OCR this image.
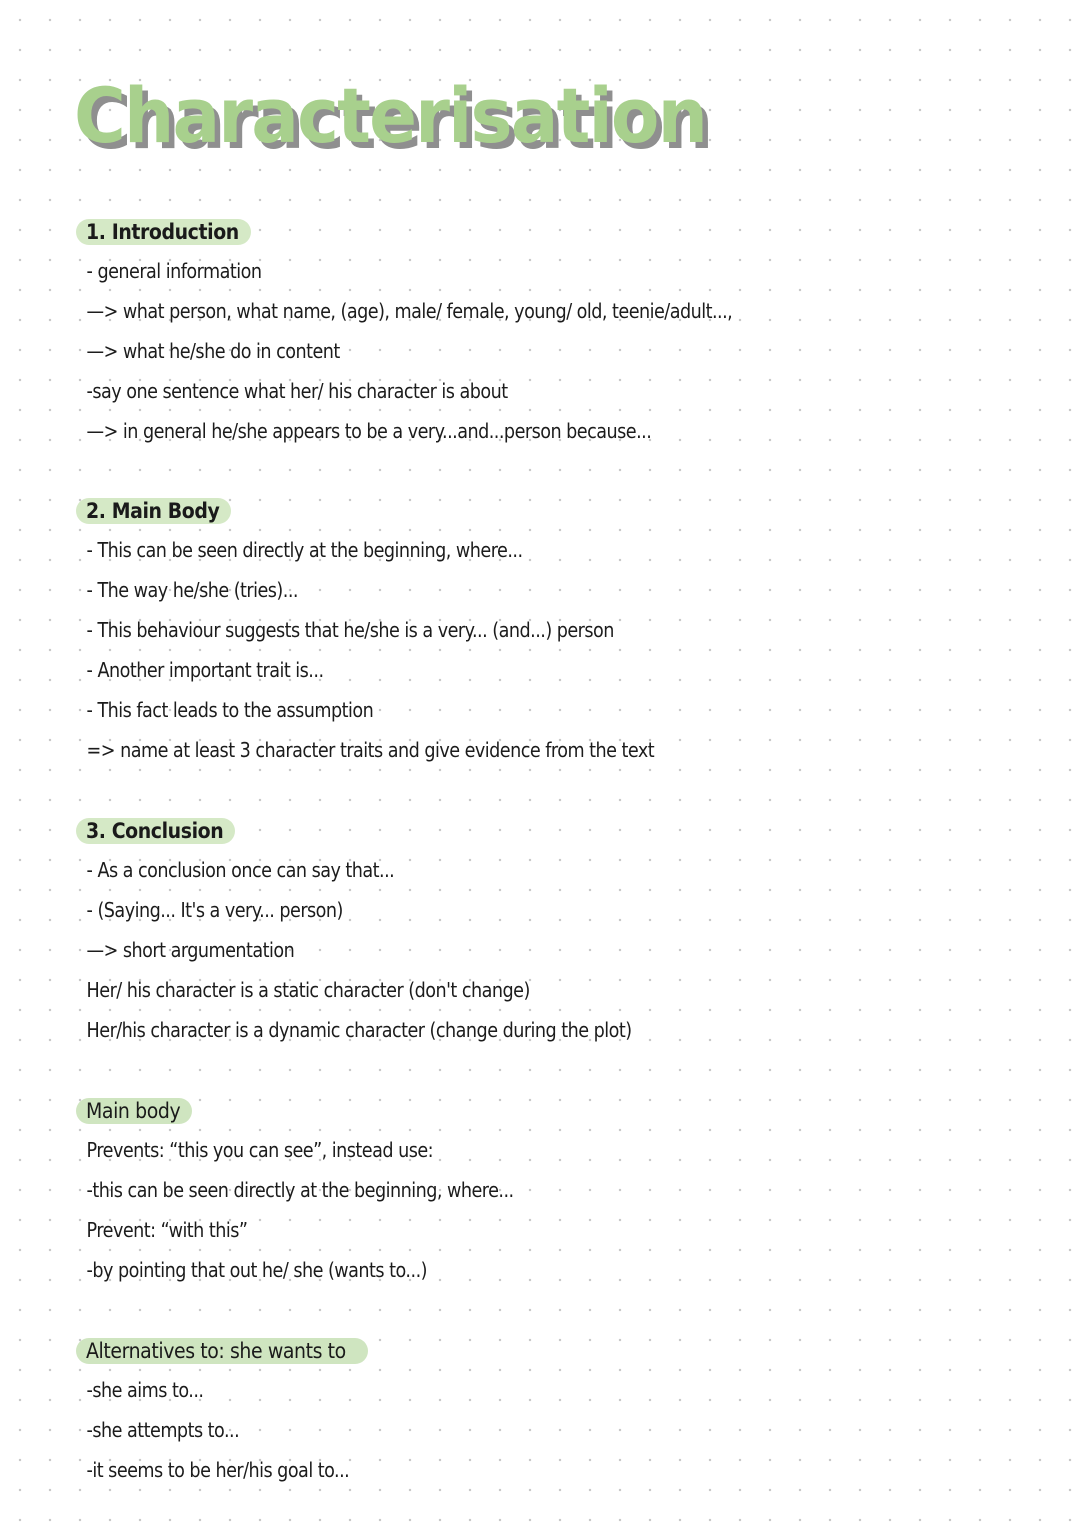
Characterisation
1. Introduction
- general information
—> what person, what name, (age), male/ female, young/ old, teenie/adult...,
—> what he/she do in content
-say one sentence what her/ his character is about
—> in general he/she appears to be a very...and...person because...
2. Main Body
- This can be seen directly at the beginning, where...
- The way he/she (tries)...
- This behaviour suggests that he/she is a very... (and...) person
- Another important trait is...
- This fact leads to the assumption
=> name at least 3 character traits and give evidence from the text
3. Conclusion
- As a conclusion once can say that...
- (Saying... It's a very... person)
—> short argumentation
Her/ his character is a static character (don't change)
Her/his character is a dynamic character (change during the plot)
Main body
Prevents: “this you can see”, instead use:
-this can be seen directly at the beginning, where...
Prevent: “with this”
-by pointing that out he/ she (wants to...)
Alternatives to: she wants to
-she aims to...
-she attempts to...
-it seems to be her/his goal to...
